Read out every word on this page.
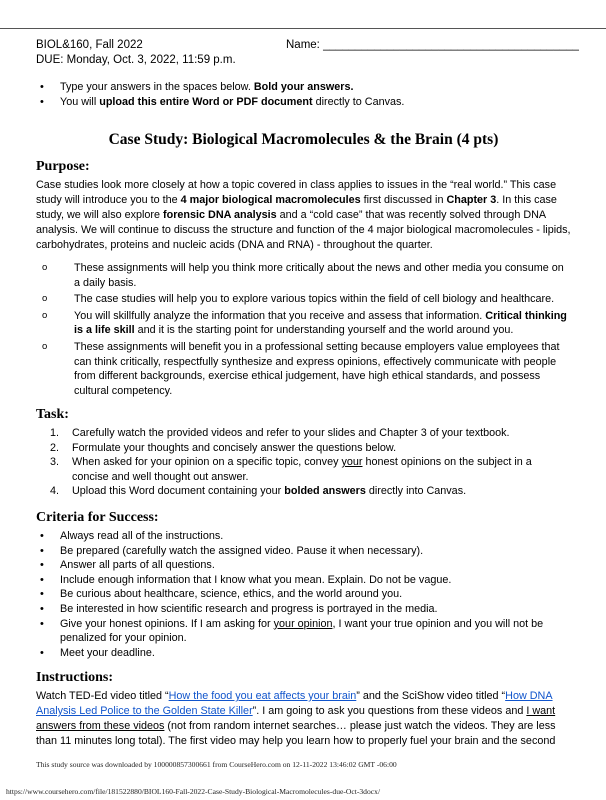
BIOL&160, Fall 2022
DUE: Monday, Oct. 3, 2022, 11:59 p.m.
Name: ________________________________________
• Type your answers in the spaces below. Bold your answers.
• You will upload this entire Word or PDF document directly to Canvas.
Case Study: Biological Macromolecules & the Brain (4 pts)
Purpose:

Case studies look more closely at how a topic covered in class applies to issues in the “real world.” This case study will introduce you to the 4 major biological macromolecules first discussed in Chapter 3. In this case study, we will also explore forensic DNA analysis and a “cold case” that was recently solved through DNA analysis. We will continue to discuss the structure and function of the 4 major biological macromolecules - lipids, carbohydrates, proteins and nucleic acids (DNA and RNA) - throughout the quarter.

o These assignments will help you think more critically about the news and other media you consume on a daily basis.
o The case studies will help you to explore various topics within the field of cell biology and healthcare.
o You will skillfully analyze the information that you receive and assess that information. Critical thinking is a life skill and it is the starting point for understanding yourself and the world around you.
o These assignments will benefit you in a professional setting because employers value employees that can think critically, respectfully synthesize and express opinions, effectively communicate with people from different backgrounds, exercise ethical judgement, have high ethical standards, and possess cultural competency.
Task:
1. Carefully watch the provided videos and refer to your slides and Chapter 3 of your textbook.
2. Formulate your thoughts and concisely answer the questions below.
3. When asked for your opinion on a specific topic, convey your honest opinions on the subject in a concise and well thought out answer.
4. Upload this Word document containing your bolded answers directly into Canvas.
Criteria for Success:
• Always read all of the instructions.
• Be prepared (carefully watch the assigned video. Pause it when necessary).
• Answer all parts of all questions.
• Include enough information that I know what you mean. Explain. Do not be vague.
• Be curious about healthcare, science, ethics, and the world around you.
• Be interested in how scientific research and progress is portrayed in the media.
• Give your honest opinions. If I am asking for your opinion, I want your true opinion and you will not be penalized for your opinion.
• Meet your deadline.
Instructions:

Watch TED-Ed video titled “How the food you eat affects your brain” and the SciShow video titled “How DNA Analysis Led Police to the Golden State Killer”. I am going to ask you questions from these videos and I want answers from these videos (not from random internet searches… please just watch the videos. They are less than 11 minutes long total). The first video may help you learn how to properly fuel your brain and the second

This study source was downloaded by 100000857300661 from CourseHero.com on 12-11-2022 13:46:02 GMT -06:00
https://www.coursehero.com/file/181522880/BIOL160-Fall-2022-Case-Study-Biological-Macromolecules-due-Oct-3docx/
